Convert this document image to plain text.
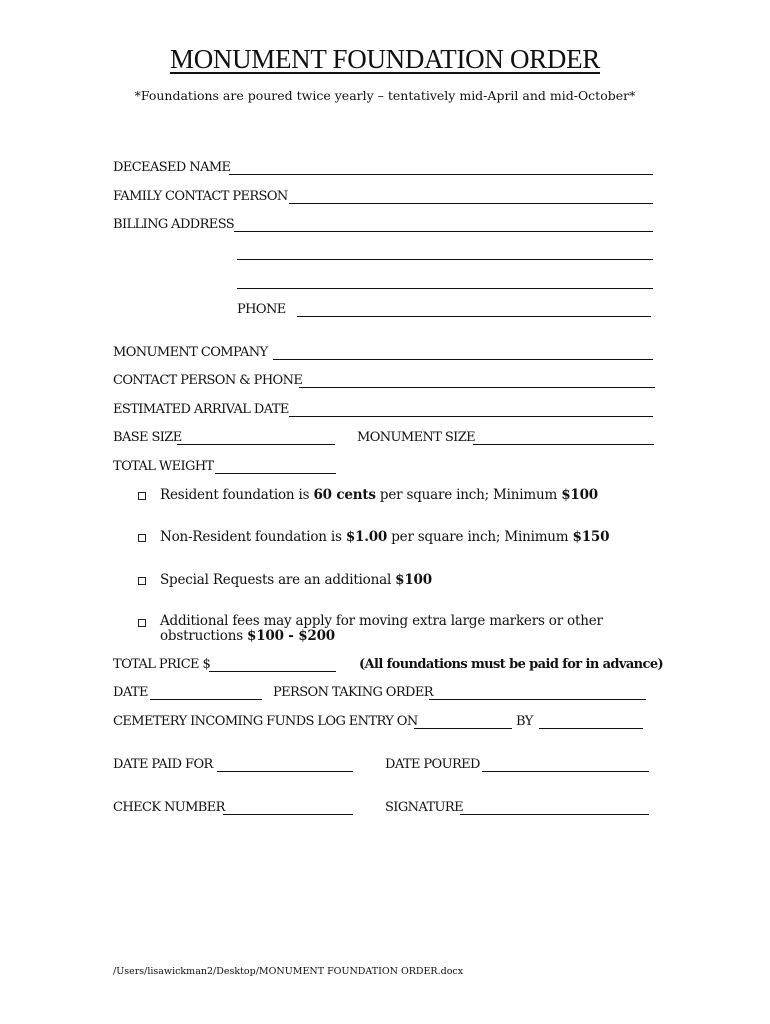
MONUMENT FOUNDATION ORDER
*Foundations are poured twice yearly – tentatively mid-April and mid-October*
DECEASED NAME
FAMILY CONTACT PERSON
BILLING ADDRESS
PHONE
MONUMENT COMPANY
CONTACT PERSON & PHONE
ESTIMATED ARRIVAL DATE
BASE SIZE	MONUMENT SIZE
TOTAL WEIGHT
Resident foundation is 60 cents per square inch; Minimum $100
Non-Resident foundation is $1.00 per square inch; Minimum $150
Special Requests are an additional $100
Additional fees may apply for moving extra large markers or other obstructions $100 - $200
TOTAL PRICE $	(All foundations must be paid for in advance)
DATE	PERSON TAKING ORDER
CEMETERY INCOMING FUNDS LOG ENTRY ON	BY
DATE PAID FOR	DATE POURED
CHECK NUMBER	SIGNATURE
/Users/lisawickman2/Desktop/MONUMENT FOUNDATION ORDER.docx
